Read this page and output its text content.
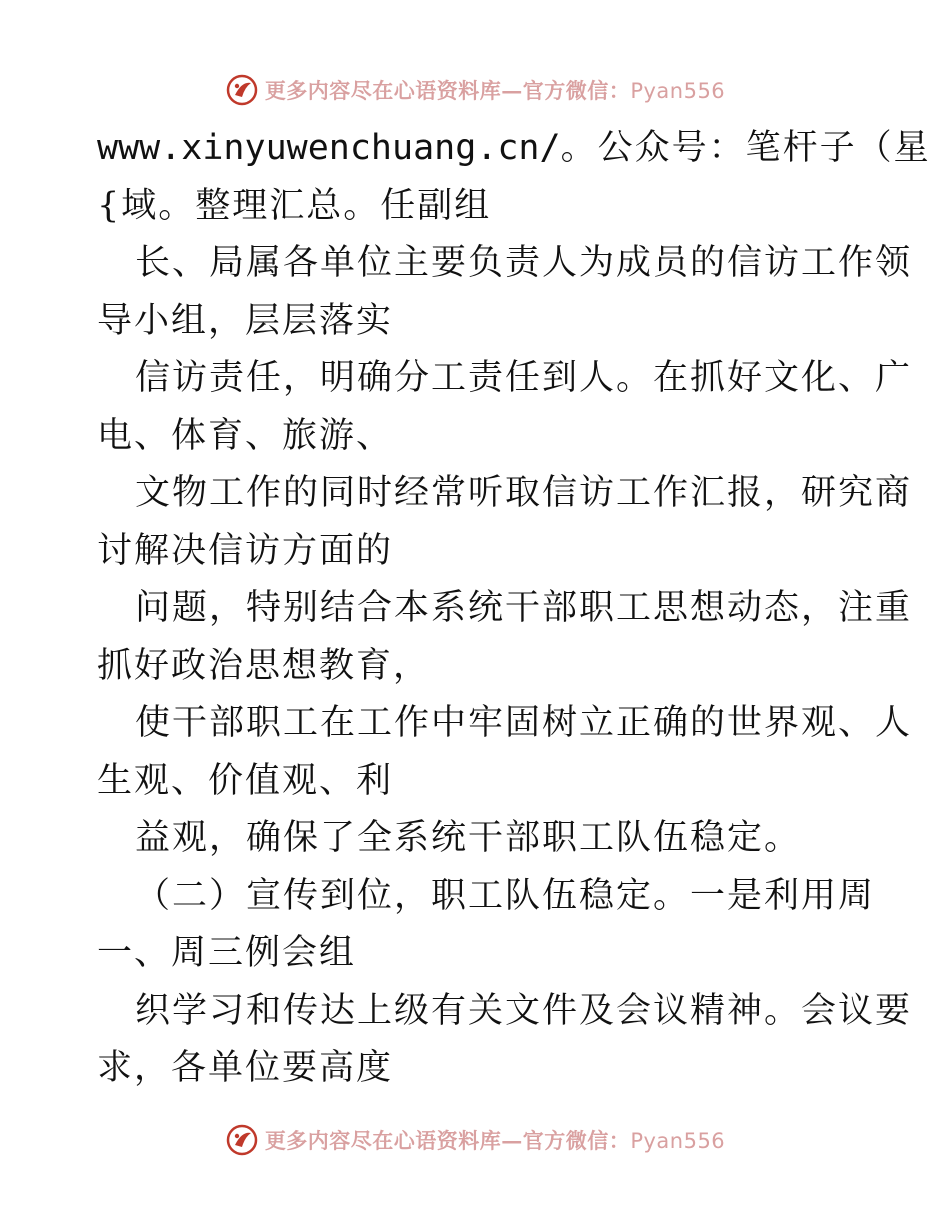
更多内容尽在心语资料库—官方微信：Pyan556
www.xinyuwenchuang.cn/。公众号：笔杆子（星
{域。整理汇总。任副组
长、局属各单位主要负责人为成员的信访工作领
导小组，层层落实
信访责任，明确分工责任到人。在抓好文化、广
电、体育、旅游、
文物工作的同时经常听取信访工作汇报，研究商
讨解决信访方面的
问题，特别结合本系统干部职工思想动态，注重
抓好政治思想教育，
使干部职工在工作中牢固树立正确的世界观、人
生观、价值观、利
益观，确保了全系统干部职工队伍稳定。
（二）宣传到位，职工队伍稳定。一是利用周
一、周三例会组
织学习和传达上级有关文件及会议精神。会议要
求，各单位要高度
更多内容尽在心语资料库—官方微信：Pyan556
